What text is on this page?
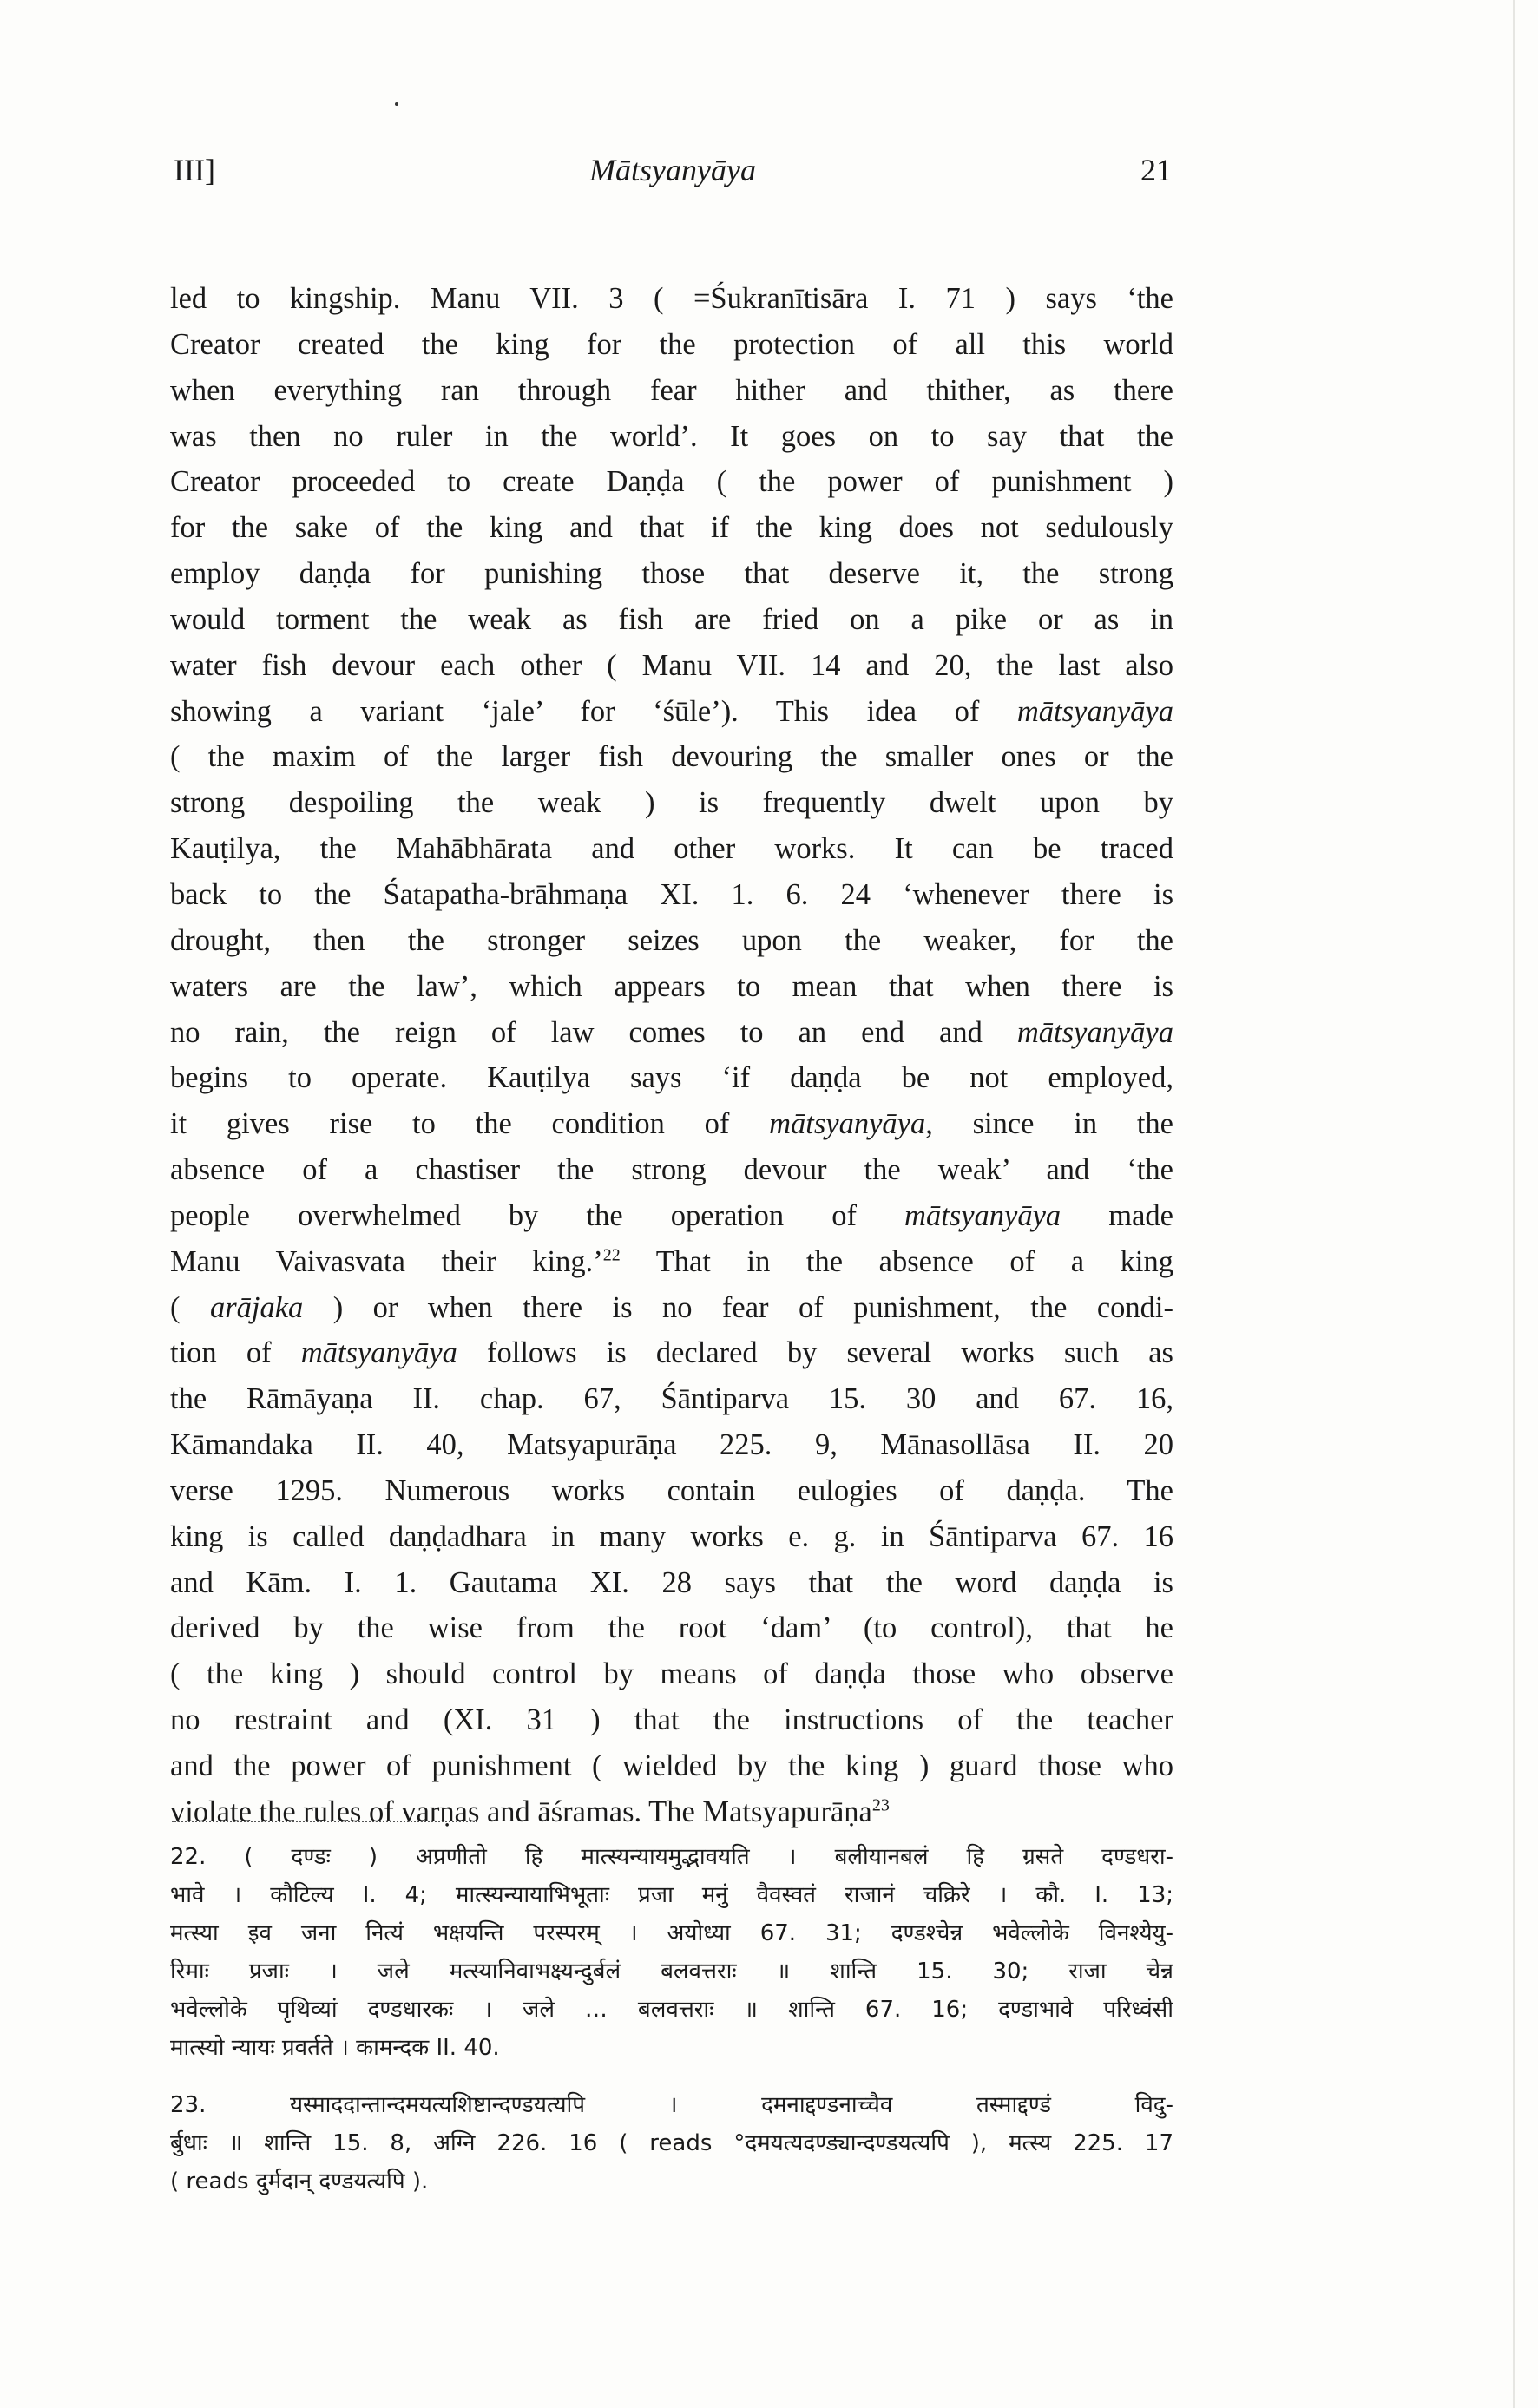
III]	Mātsyanyāya	21
led to kingship. Manu VII. 3 ( =Śukranītisāra I. 71 ) says ‘the
Creator created the king for the protection of all this world
when everything ran through fear hither and thither, as there
was then no ruler in the world’. It goes on to say that the
Creator proceeded to create Daṇḍa ( the power of punishment )
for the sake of the king and that if the king does not sedulously
employ daṇḍa for punishing those that deserve it, the strong
would torment the weak as fish are fried on a pike or as in
water fish devour each other ( Manu VII. 14 and 20, the last also
showing a variant ‘jale’ for ‘śūle’). This idea of mātsyanyāya
( the maxim of the larger fish devouring the smaller ones or the
strong despoiling the weak ) is frequently dwelt upon by
Kauṭilya, the Mahābhārata and other works. It can be traced
back to the Śatapatha-brāhmaṇa XI. 1. 6. 24 ‘whenever there is
drought, then the stronger seizes upon the weaker, for the
waters are the law’, which appears to mean that when there is
no rain, the reign of law comes to an end and mātsyanyāya
begins to operate. Kauṭilya says ‘if daṇḍa be not employed,
it gives rise to the condition of mātsyanyāya, since in the
absence of a chastiser the strong devour the weak’ and ‘the
people overwhelmed by the operation of mātsyanyāya made
Manu Vaivasvata their king.’$^{22}$ That in the absence of a king
( arājaka ) or when there is no fear of punishment, the condi-
tion of mātsyanyāya follows is declared by several works such as
the Rāmāyaṇa II. chap. 67, Śāntiparva 15. 30 and 67. 16,
Kāmandaka II. 40, Matsyapurāṇa 225. 9, Mānasollāsa II. 20
verse 1295. Numerous works contain eulogies of daṇḍa. The
king is called daṇḍadhara in many works e. g. in Śāntiparva 67. 16
and Kām. I. 1. Gautama XI. 28 says that the word daṇḍa is
derived by the wise from the root ‘dam’ (to control), that he
( the king ) should control by means of daṇḍa those who observe
no restraint and (XI. 31 ) that the instructions of the teacher
and the power of punishment ( wielded by the king ) guard those who
violate the rules of varṇas and āśramas. The Matsyapurāṇa$^{23}$
22. ( दण्डः ) अप्रणीतो हि मात्स्यन्यायमुद्भावयति । बलीयानबलं हि ग्रसते दण्डधरा-
भावे । कौटिल्य I. 4; मात्स्यन्यायाभिभूताः प्रजा मनुं वैवस्वतं राजानं चक्रिरे । कौ. I. 13;
मत्स्या इव जना नित्यं भक्षयन्ति परस्परम् । अयोध्या 67. 31; दण्डश्चेन्न भवेल्लोके विनश्येयु-
रिमाः प्रजाः । जले मत्स्यानिवाभक्ष्यन्दुर्बलं बलवत्तराः ॥ शान्ति 15. 30; राजा चेन्न
भवेल्लोके पृथिव्यां दण्डधारकः । जले … बलवत्तराः ॥ शान्ति 67. 16; दण्डाभावे परिध्वंसी
मात्स्यो न्यायः प्रवर्तते । कामन्दक II. 40.
23. यस्माददान्तान्दमयत्यशिष्टान्दण्डयत्यपि । दमनाद्दण्डनाच्चैव तस्माद्दण्डं विदु-
र्बुधाः ॥ शान्ति 15. 8, अग्नि 226. 16 ( reads °दमयत्यदण्ड्यान्दण्डयत्यपि ), मत्स्य 225. 17
( reads दुर्मदान् दण्डयत्यपि ).
